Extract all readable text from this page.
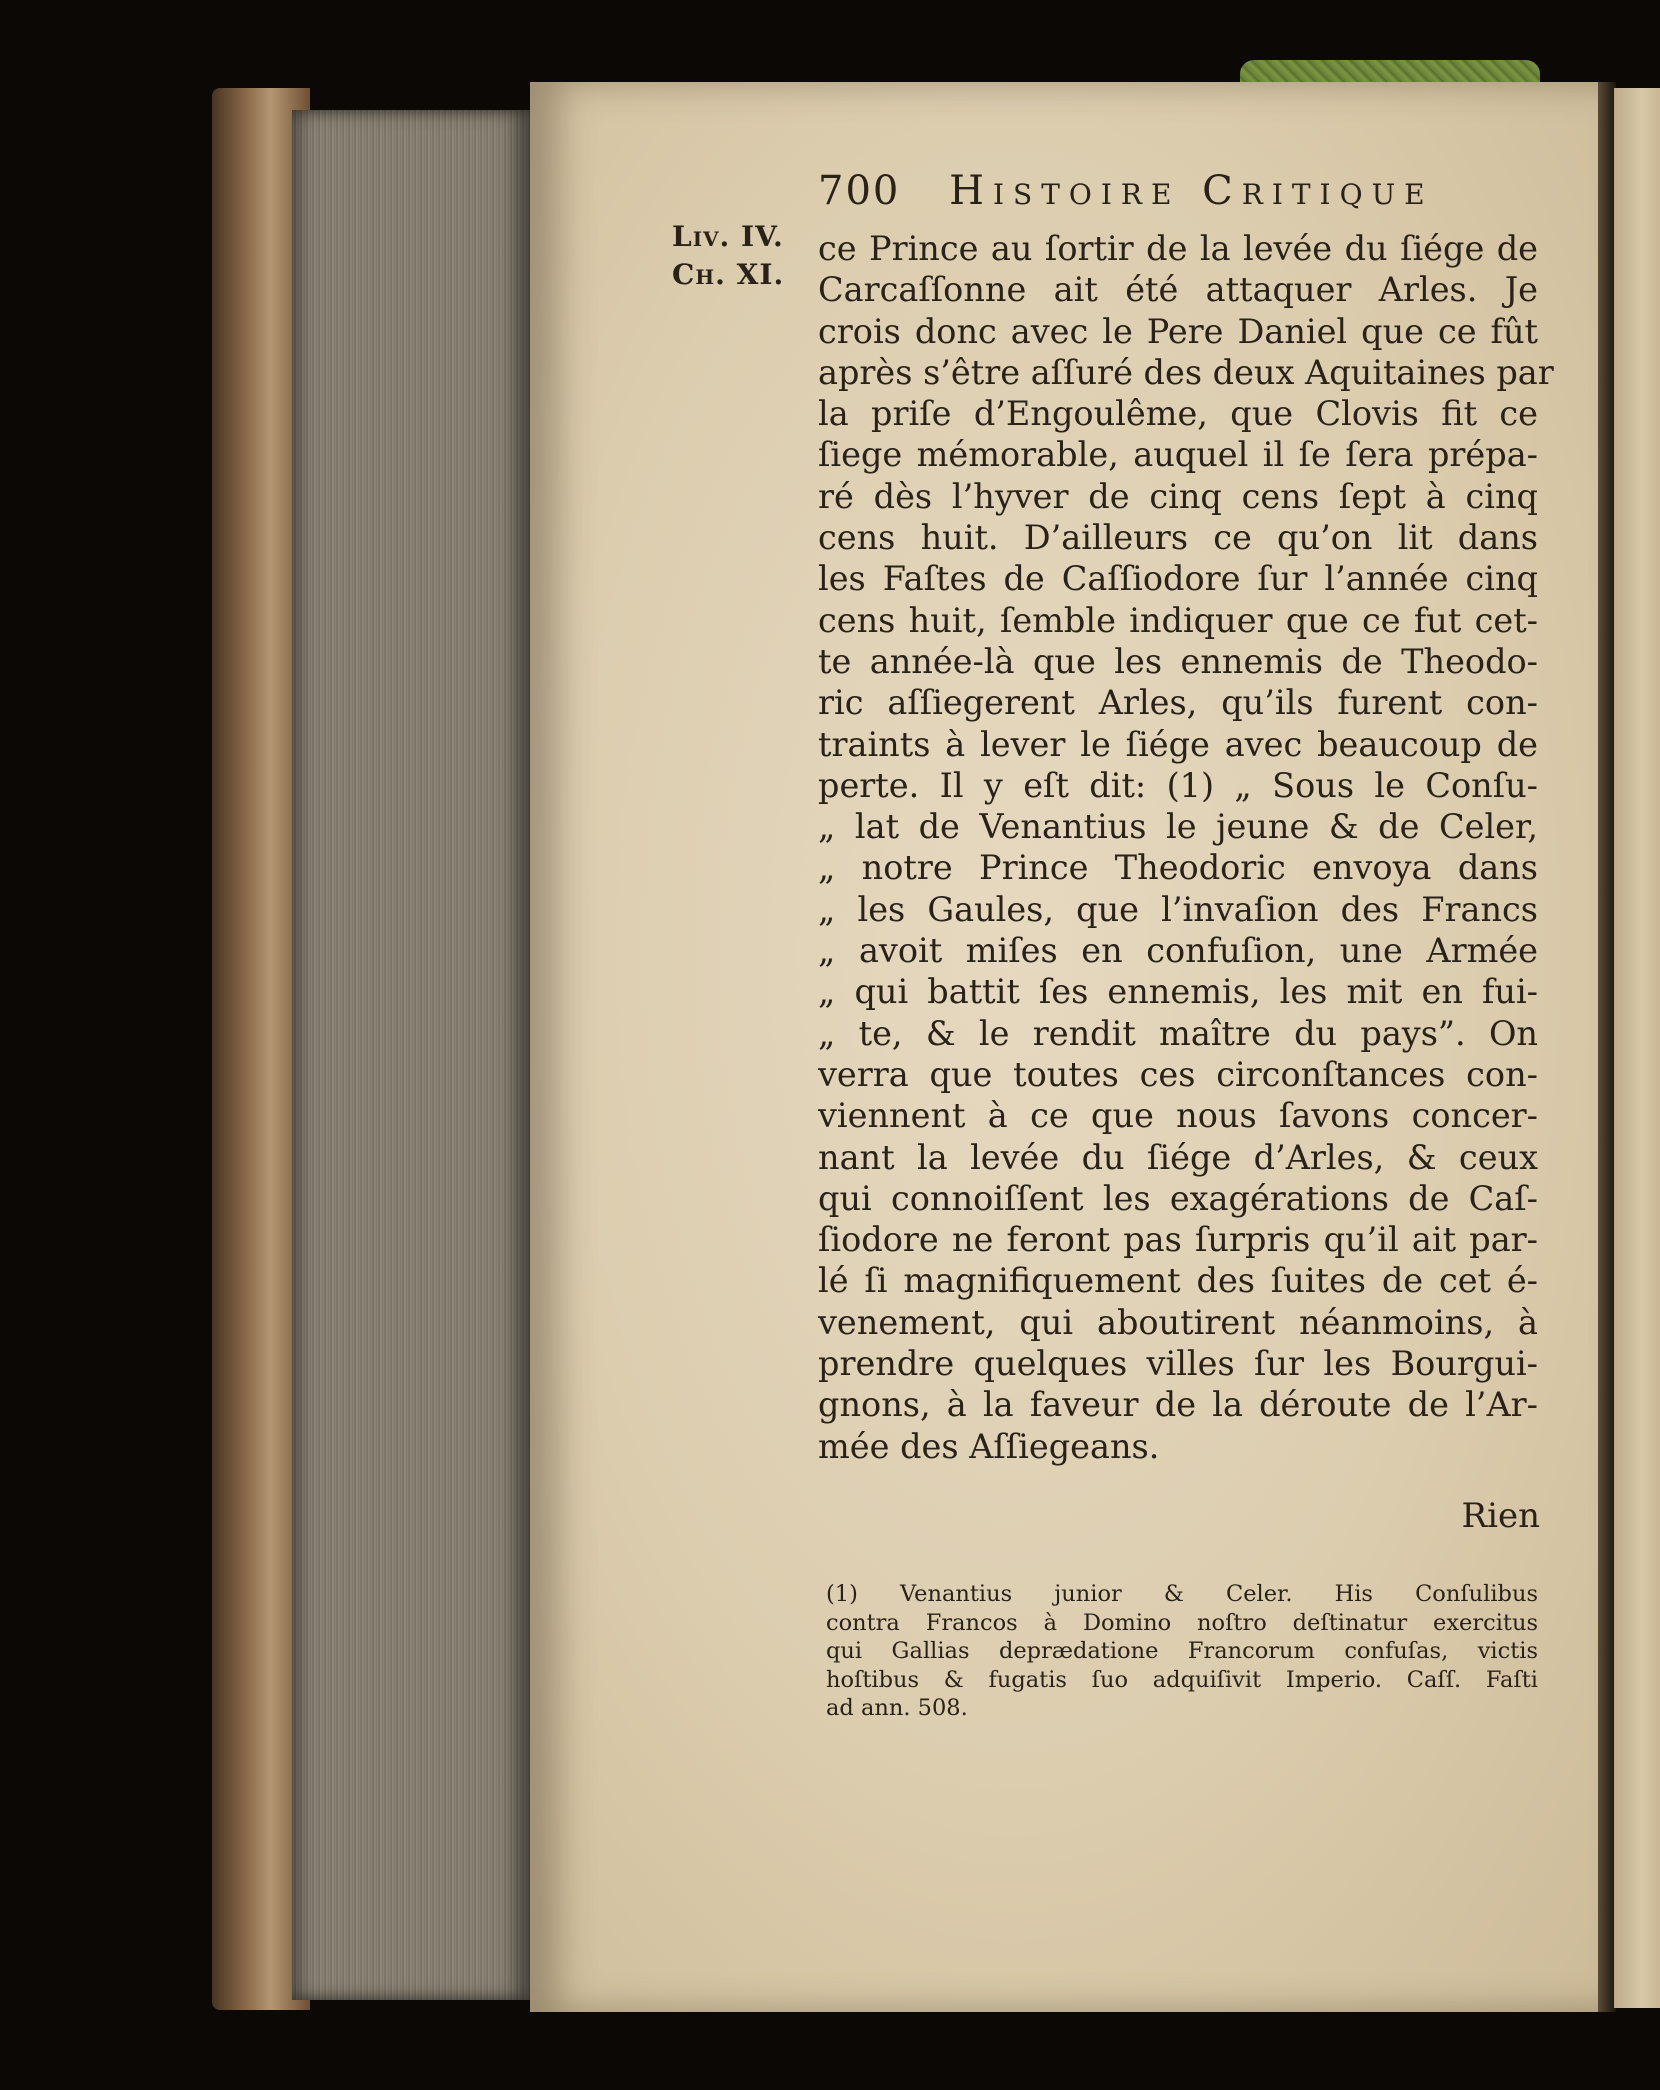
700 Histoire Critique
Liv. IV.
Ch. XI.
ce Prince au ſortir de la levée du ſiége de
Carcaſſonne ait été attaquer Arles. Je
crois donc avec le Pere Daniel que ce fût
après s’être aſſuré des deux Aquitaines par
la priſe d’Engoulême, que Clovis fit ce
ſiege mémorable, auquel il ſe ſera prépa-
ré dès l’hyver de cinq cens ſept à cinq
cens huit. D’ailleurs ce qu’on lit dans
les Faſtes de Caſſiodore ſur l’année cinq
cens huit, ſemble indiquer que ce fut cet-
te année-là que les ennemis de Theodo-
ric aſſiegerent Arles, qu’ils furent con-
traints à lever le ſiége avec beaucoup de
perte. Il y eſt dit: (1) „ Sous le Conſu-
„ lat de Venantius le jeune & de Celer,
„ notre Prince Theodoric envoya dans
„ les Gaules, que l’invaſion des Francs
„ avoit miſes en confuſion, une Armée
„ qui battit ſes ennemis, les mit en fui-
„ te, & le rendit maître du pays”. On
verra que toutes ces circonſtances con-
viennent à ce que nous ſavons concer-
nant la levée du ſiége d’Arles, & ceux
qui connoiſſent les exagérations de Caſ-
ſiodore ne feront pas ſurpris qu’il ait par-
lé ſi magnifiquement des ſuites de cet é-
venement, qui aboutirent néanmoins, à
prendre quelques villes ſur les Bourgui-
gnons, à la faveur de la déroute de l’Ar-
mée des Aſſiegeans.
Rien
(1) Venantius junior & Celer. His Conſulibus
contra Francos à Domino noſtro deſtinatur exercitus
qui Gallias deprædatione Francorum confuſas, victis
hoſtibus & fugatis ſuo adquiſivit Imperio. Caſſ. Faſti
ad ann. 508.
